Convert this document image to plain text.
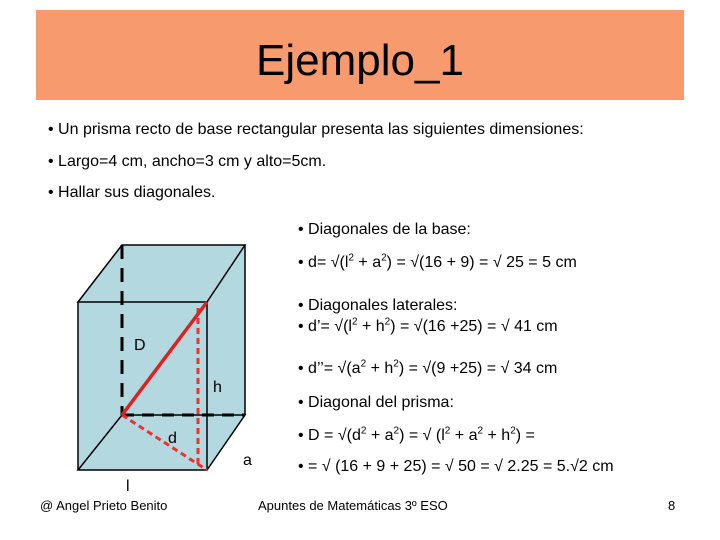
Ejemplo_1
• Un prisma recto de base rectangular presenta las siguientes dimensiones:
• Largo=4 cm, ancho=3 cm y alto=5cm.
• Hallar sus diagonales.
D
h
d
a
l
• Diagonales de la base:
• $d= √(l^2 + a^2) = √(16 + 9)$ = √ 25 = 5 cm
• Diagonales laterales:
• d’= $√(l^2 + h^2) = √(16 +25)$ = √ 41 cm
• d’’= $√(a^2 + h^2) = √(9 +25)$ = √ 34 cm
• Diagonal del prisma:
• $D = √(d^2 + a^2)$ = √ $(l^2 + a^2 + h^2)$ =
• = √ (16 + 9 + 25) = √ 50 = √ 2.25 = 5.√2 cm
@ Angel Prieto Benito	Apuntes de Matemáticas 3º ESO	8
